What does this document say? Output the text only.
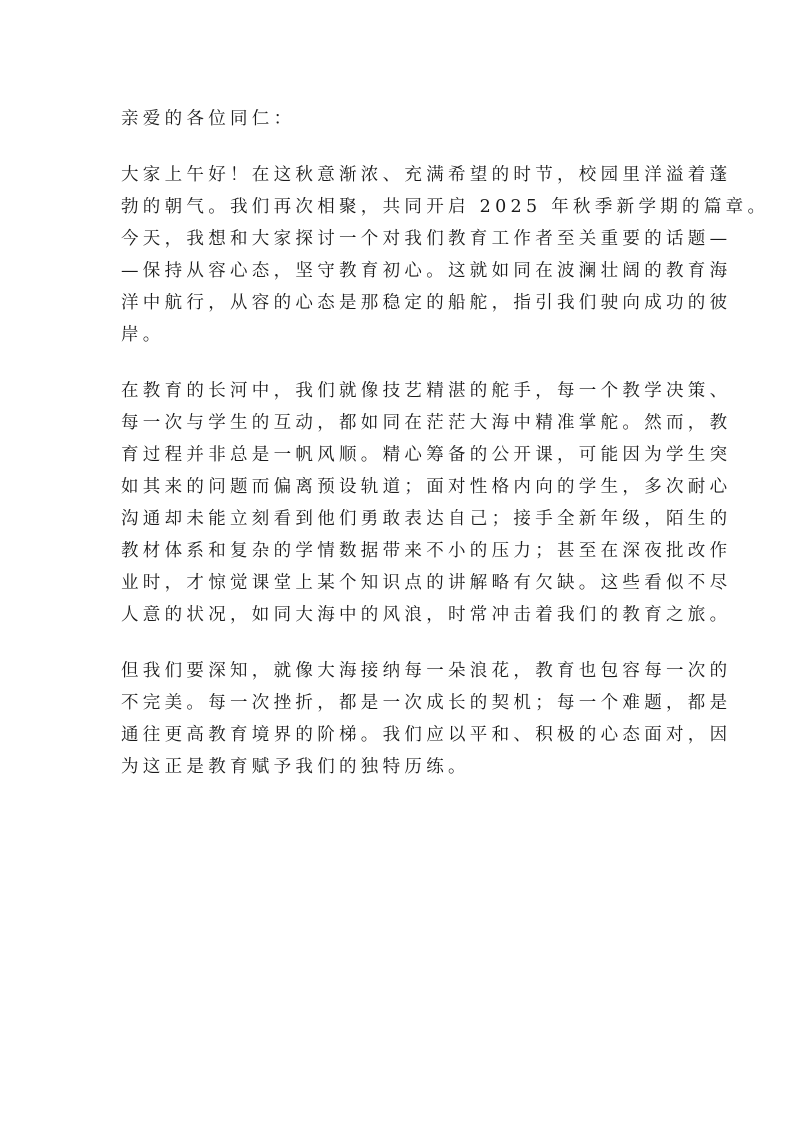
亲爱的各位同仁：
大家上午好！在这秋意渐浓、充满希望的时节，校园里洋溢着蓬
勃的朝气。我们再次相聚，共同开启 2025 年秋季新学期的篇章。
今天，我想和大家探讨一个对我们教育工作者至关重要的话题—
—保持从容心态，坚守教育初心。这就如同在波澜壮阔的教育海
洋中航行，从容的心态是那稳定的船舵，指引我们驶向成功的彼
岸。
在教育的长河中，我们就像技艺精湛的舵手，每一个教学决策、
每一次与学生的互动，都如同在茫茫大海中精准掌舵。然而，教
育过程并非总是一帆风顺。精心筹备的公开课，可能因为学生突
如其来的问题而偏离预设轨道；面对性格内向的学生，多次耐心
沟通却未能立刻看到他们勇敢表达自己；接手全新年级，陌生的
教材体系和复杂的学情数据带来不小的压力；甚至在深夜批改作
业时，才惊觉课堂上某个知识点的讲解略有欠缺。这些看似不尽
人意的状况，如同大海中的风浪，时常冲击着我们的教育之旅。
但我们要深知，就像大海接纳每一朵浪花，教育也包容每一次的
不完美。每一次挫折，都是一次成长的契机；每一个难题，都是
通往更高教育境界的阶梯。我们应以平和、积极的心态面对，因
为这正是教育赋予我们的独特历练。
